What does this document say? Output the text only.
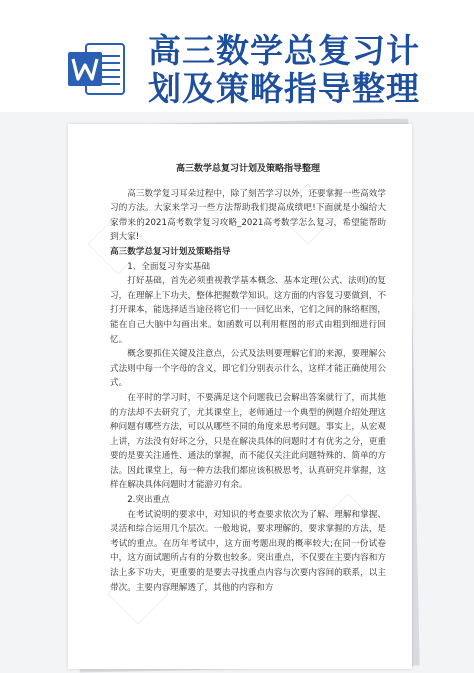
高三数学总复习计
划及策略指导整理
高三数学总复习计划及策略指导整理

高三数学复习耳朵过程中，除了刻苦学习以外，还要掌握一些高效学习的方法。大家来学习一些方法帮助我们提高成绩吧!下面就是小编给大家带来的2021高考数学复习攻略_2021高考数学怎么复习，希望能帮助到大家!

高三数学总复习计划及策略指导

1、全面复习夯实基础

打好基础，首先必须重视教学基本概念、基本定理(公式、法则)的复习，在理解上下功夫，整体把握数学知识。这方面的内容复习要做到，不打开课本，能选择适当途径将它们一一回忆出来，它们之间的脉络框图，能在自己大脑中勾画出来。如函数可以利用框图的形式由粗到细进行回忆。

概念要抓住关键及注意点，公式及法则要理解它们的来源，要理解公式法则中每一个字母的含义，即它们分别表示什么，这样才能正确使用公式。

在平时的学习时，不要满足这个问题我已会解出答案就行了，而其他的方法却不去研究了，尤其课堂上，老师通过一个典型的例题介绍处理这种问题有哪些方法，可以从哪些不同的角度来思考问题。事实上，从宏观上讲，方法没有好坏之分，只是在解决具体的问题时才有优劣之分，更重要的是要关注通性、通法的掌握，而不能仅关注此问题特殊的、简单的方法。因此课堂上，每一种方法我们都应该积极思考，认真研究并掌握，这样在解决具体问题时才能游刃有余。

2.突出重点

在考试说明的要求中，对知识的考查要求依次为了解、理解和掌握、灵活和综合运用几个层次。一般地说，要求理解的，要求掌握的方法，是考试的重点。在历年考试中，这方面考题出现的概率较大;在同一份试卷中，这方面试题所占有的分数也较多。突出重点，不仅要在主要内容和方法上多下功夫，更重要的是要去寻找重点内容与次要内容间的联系，以主带次。主要内容理解透了，其他的内容和方
